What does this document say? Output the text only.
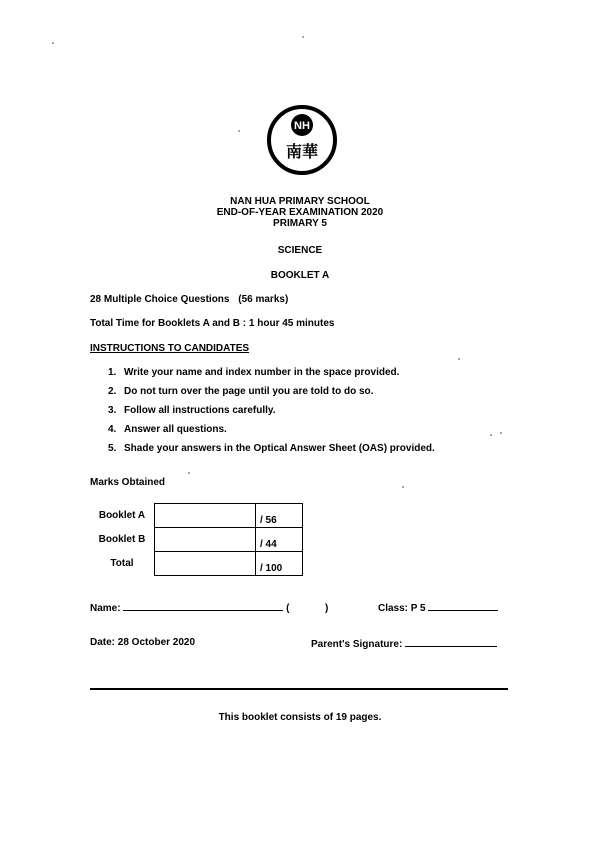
NH
南華
NAN HUA PRIMARY SCHOOL
END-OF-YEAR EXAMINATION 2020
PRIMARY 5
SCIENCE
BOOKLET A
28 Multiple Choice Questions (56 marks)
Total Time for Booklets A and B : 1 hour 45 minutes
INSTRUCTIONS TO CANDIDATES
1. Write your name and index number in the space provided.
2. Do not turn over the page until you are told to do so.
3. Follow all instructions carefully.
4. Answer all questions.
5. Shade your answers in the Optical Answer Sheet (OAS) provided.
Marks Obtained
Booklet A		/ 56
Booklet B		/ 44
Total		/ 100
Name:	(	)	Class: P 5
Date: 28 October 2020	Parent's Signature:
This booklet consists of 19 pages.
